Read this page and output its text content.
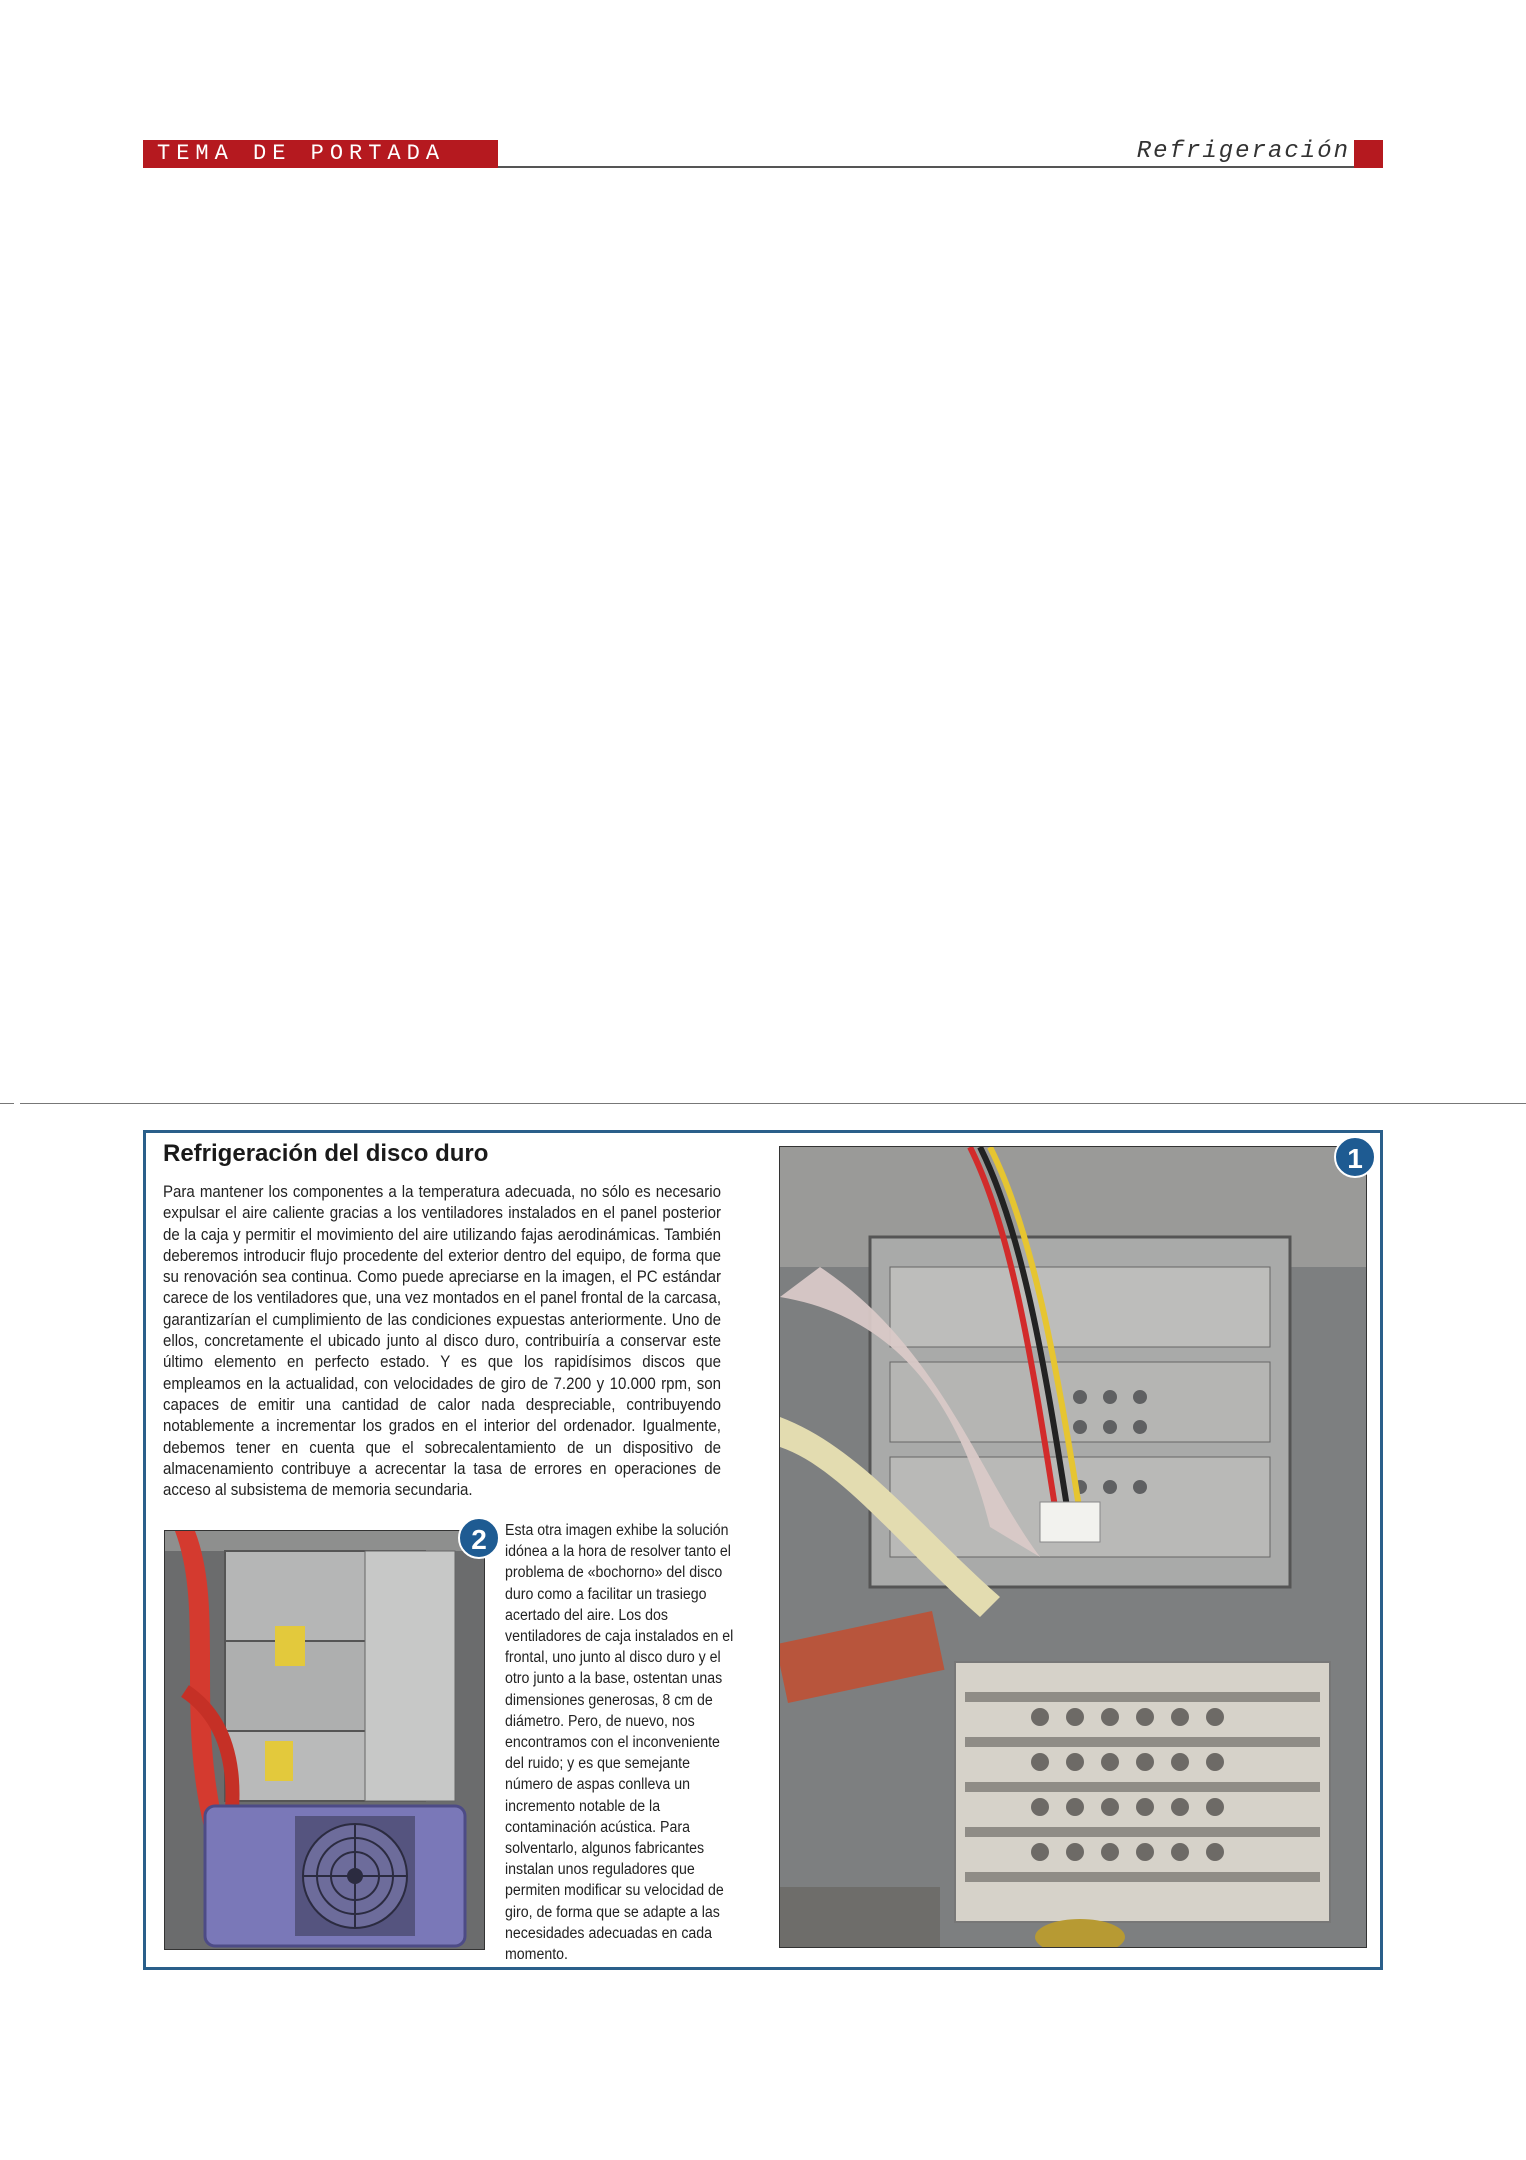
TEMA DE PORTADA	Refrigeración
Refrigeración del disco duro
Para mantener los componentes a la temperatura adecuada, no sólo es necesario expulsar el aire caliente gracias a los ventiladores instalados en el panel posterior de la caja y permitir el movimiento del aire utilizando fajas aerodinámicas. También deberemos introducir flujo procedente del exterior dentro del equipo, de forma que su renovación sea continua. Como puede apreciarse en la imagen, el PC estándar carece de los ventiladores que, una vez montados en el panel frontal de la carcasa, garantizarían el cumplimiento de las condiciones expuestas anteriormente. Uno de ellos, concretamente el ubicado junto al disco duro, contribuiría a conservar este último elemento en perfecto estado. Y es que los rapidísimos discos que empleamos en la actualidad, con velocidades de giro de 7.200 y 10.000 rpm, son capaces de emitir una cantidad de calor nada despreciable, contribuyendo notablemente a incrementar los grados en el interior del ordenador. Igualmente, debemos tener en cuenta que el sobrecalentamiento de un dispositivo de almacenamiento contribuye a acrecentar la tasa de errores en operaciones de acceso al subsistema de memoria secundaria.
1
2	Esta otra imagen exhibe la solución idónea a la hora de resolver tanto el problema de «bochorno» del disco duro como a facilitar un trasiego acertado del aire. Los dos ventiladores de caja instalados en el frontal, uno junto al disco duro y el otro junto a la base, ostentan unas dimensiones generosas, 8 cm de diámetro. Pero, de nuevo, nos encontramos con el inconveniente del ruido; y es que semejante número de aspas conlleva un incremento notable de la contaminación acústica. Para solventarlo, algunos fabricantes instalan unos reguladores que permiten modificar su velocidad de giro, de forma que se adapte a las necesidades adecuadas en cada momento.
